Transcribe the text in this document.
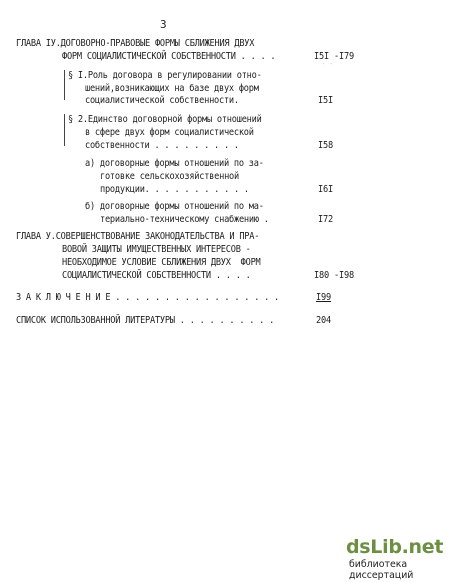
3
ГЛАВА IУ.ДОГОВОРНО-ПРАВОВЫЕ ФОРМЫ СБЛИЖЕНИЯ ДВУХ
ФОРМ СОЦИАЛИСТИЧЕСКОЙ СОБСТВЕННОСТИ . . . .	I5I -I79
˙ ˙
§ I.Роль договора в регулировании отно-
шений,возникающих на базе двух форм
социалистической собственности.	I5I
§ 2.Единство договорной формы отношений
в сфере двух форм социалистической
собственности . . . . . . . . .	I58
а) договорные формы отношений по за-
готовке сельскохозяйственной
продукции. . . . . . . . . . .	I6I
б) договорные формы отношений по ма-
териально-техническому снабжению .	I72
ГЛАВА У.СОВЕРШЕНСТВОВАНИЕ ЗАКОНОДАТЕЛЬСТВА И ПРА-
ВОВОЙ ЗАЩИТЫ ИМУЩЕСТВЕННЫХ ИНТЕРЕСОВ -
НЕОБХОДИМОЕ УСЛОВИЕ СБЛИЖЕНИЯ ДВУХ  ФОРМ
СОЦИАЛИСТИЧЕСКОЙ СОБСТВЕННОСТИ . . . .	I80 -I98
З А К Л Ю Ч Е Н И Е . . . . . . . . . . . . . . . . .	I99
СПИСОК ИСПОЛЬЗОВАННОЙ ЛИТЕРАТУРЫ . . . . . . . . . .	204
dsLib.net
библиотека диссертаций
